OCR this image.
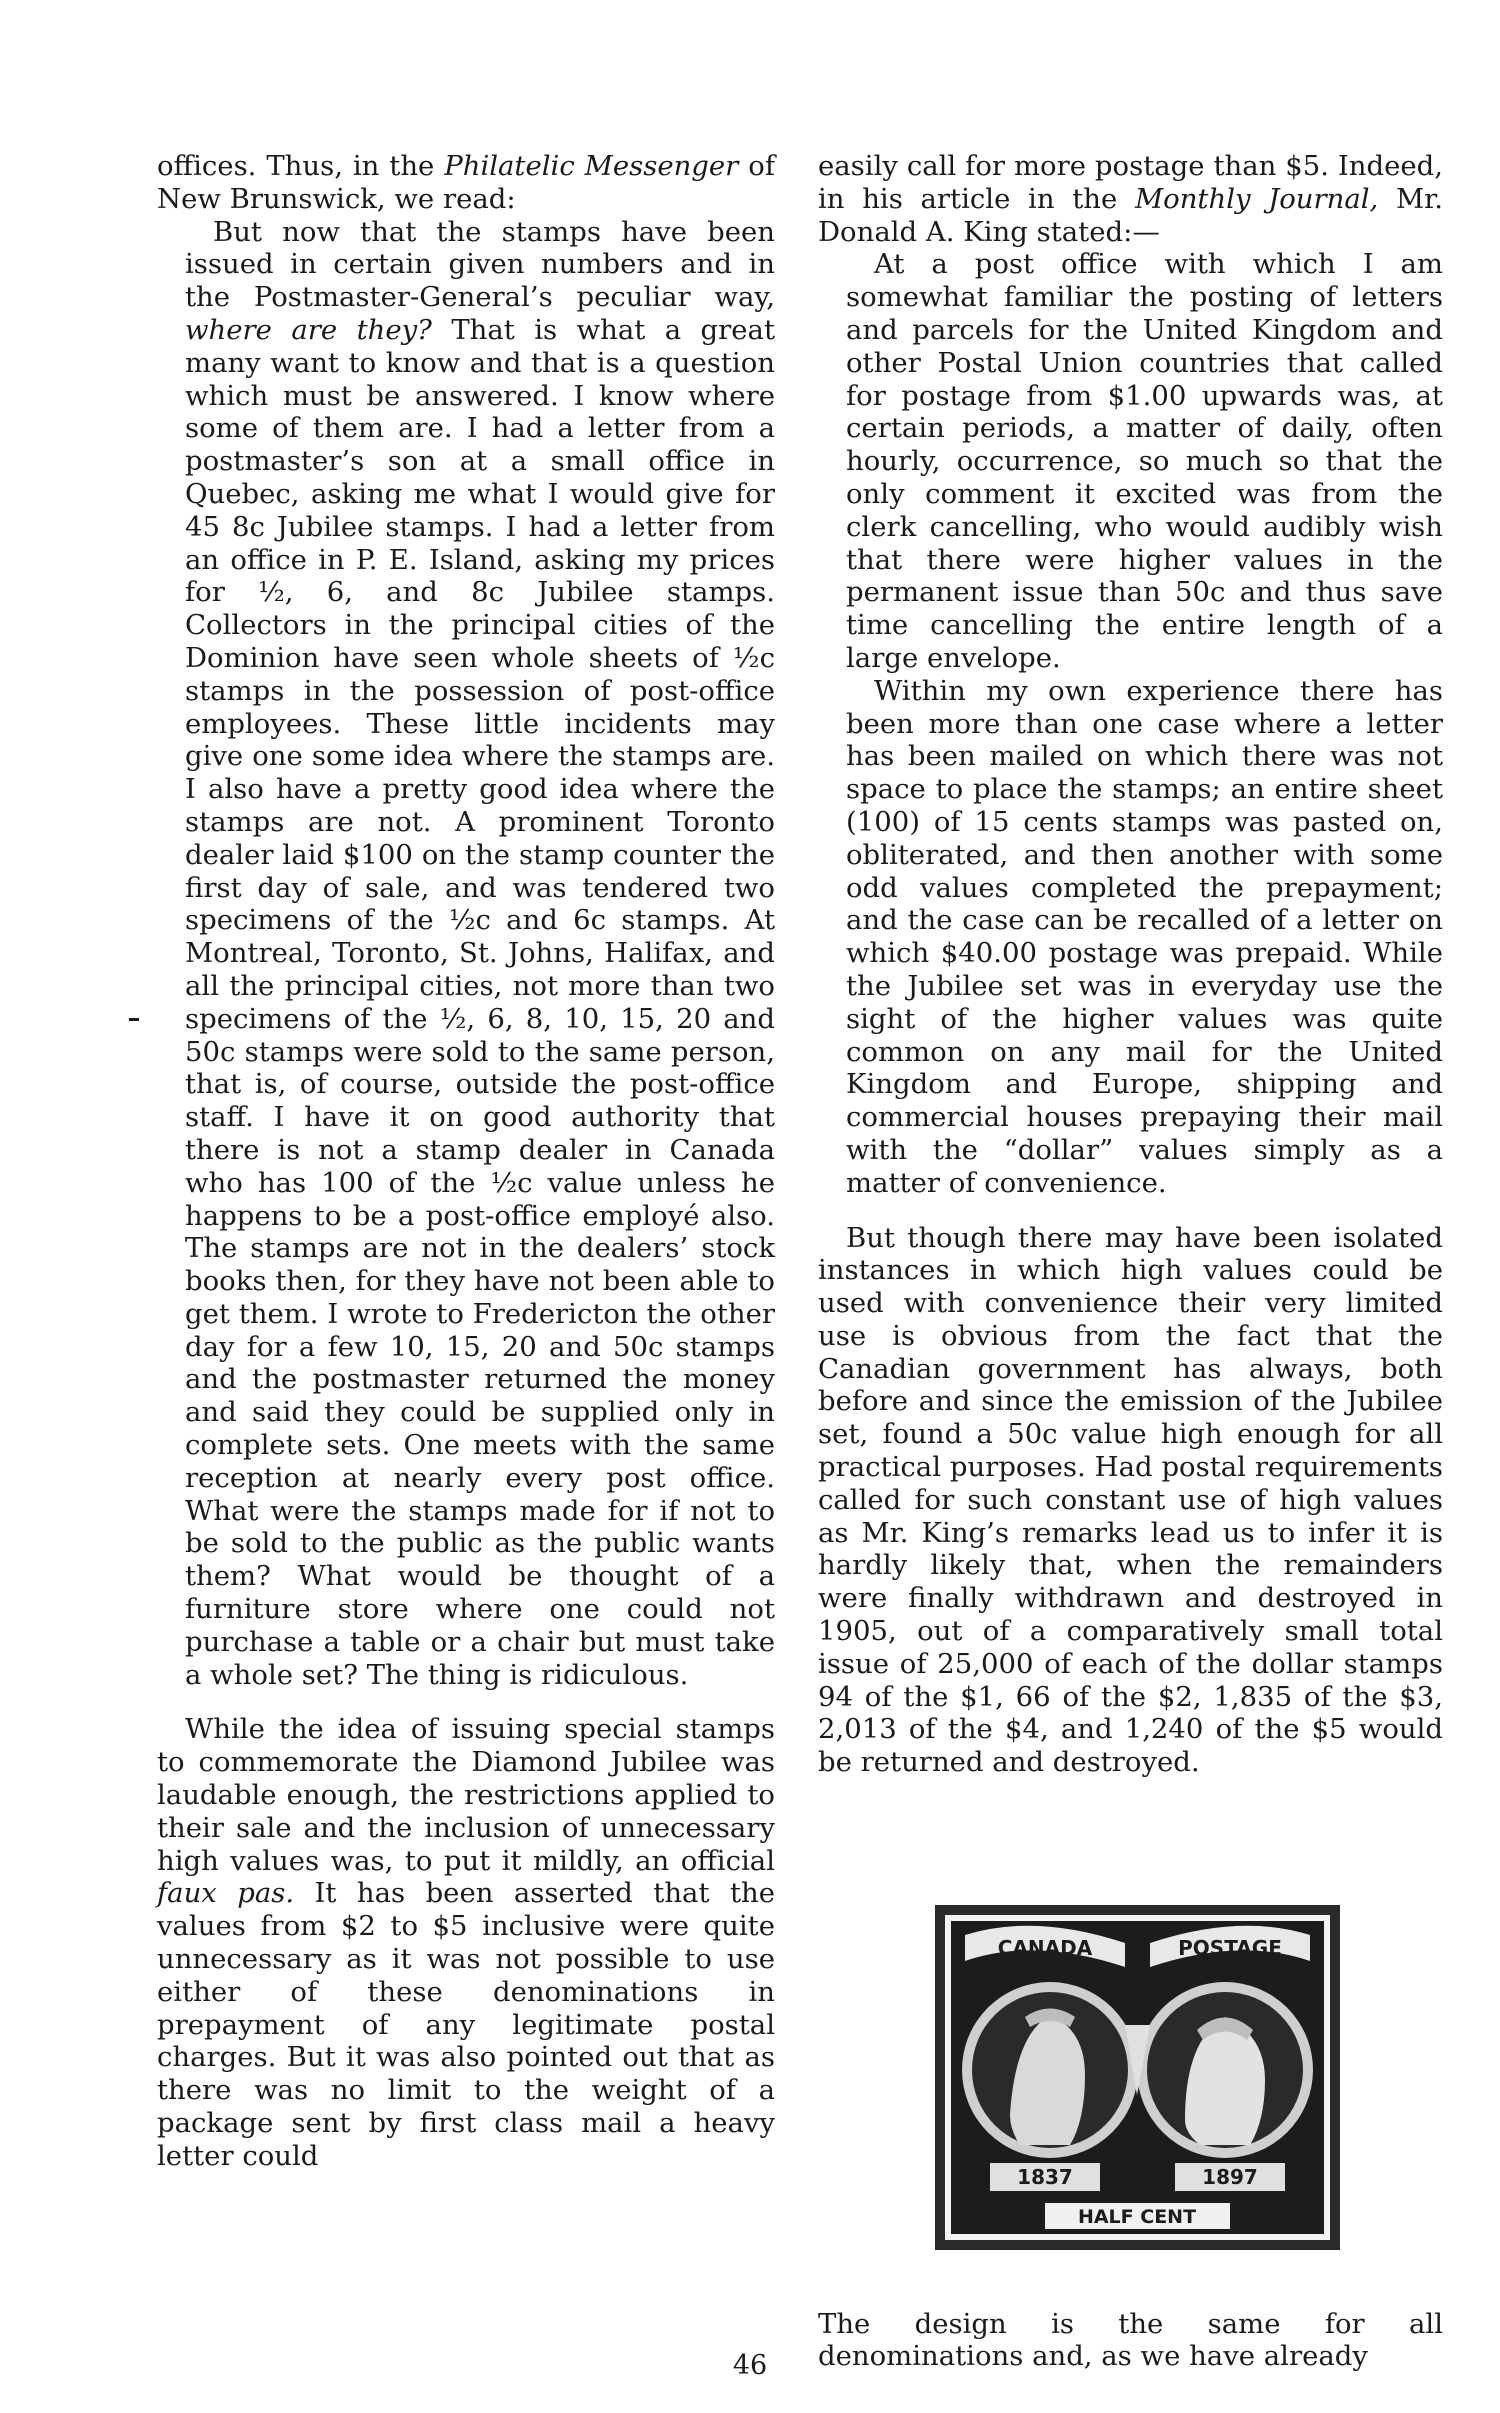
offices. Thus, in the Philatelic Messenger of New Brunswick, we read:

But now that the stamps have been issued in certain given numbers and in the Postmaster-General’s peculiar way, where are they? That is what a great many want to know and that is a question which must be answered. I know where some of them are. I had a letter from a postmaster’s son at a small office in Quebec, asking me what I would give for 45 8c Jubilee stamps. I had a letter from an office in P. E. Island, asking my prices for ½, 6, and 8c Jubilee stamps. Collectors in the principal cities of the Dominion have seen whole sheets of ½c stamps in the possession of post-office employees. These little incidents may give one some idea where the stamps are. I also have a pretty good idea where the stamps are not. A prominent Toronto dealer laid $100 on the stamp counter the first day of sale, and was tendered two specimens of the ½c and 6c stamps. At Montreal, Toronto, St. Johns, Halifax, and all the principal cities, not more than two specimens of the ½, 6, 8, 10, 15, 20 and 50c stamps were sold to the same person, that is, of course, outside the post-office staff. I have it on good authority that there is not a stamp dealer in Canada who has 100 of the ½c value unless he happens to be a post-office employé also. The stamps are not in the dealers’ stock books then, for they have not been able to get them. I wrote to Fredericton the other day for a few 10, 15, 20 and 50c stamps and the postmaster returned the money and said they could be supplied only in complete sets. One meets with the same reception at nearly every post office. What were the stamps made for if not to be sold to the public as the public wants them? What would be thought of a furniture store where one could not purchase a table or a chair but must take a whole set? The thing is ridiculous.

While the idea of issuing special stamps to commemorate the Diamond Jubilee was laudable enough, the restrictions applied to their sale and the inclusion of unnecessary high values was, to put it mildly, an official faux pas. It has been asserted that the values from $2 to $5 inclusive were quite unnecessary as it was not possible to use either of these denominations in prepayment of any legitimate postal charges. But it was also pointed out that as there was no limit to the weight of a package sent by first class mail a heavy letter could

easily call for more postage than $5. Indeed, in his article in the Monthly Journal, Mr. Donald A. King stated:—

At a post office with which I am somewhat familiar the posting of letters and parcels for the United Kingdom and other Postal Union countries that called for postage from $1.00 upwards was, at certain periods, a matter of daily, often hourly, occurrence, so much so that the only comment it excited was from the clerk cancelling, who would audibly wish that there were higher values in the permanent issue than 50c and thus save time cancelling the entire length of a large envelope.

Within my own experience there has been more than one case where a letter has been mailed on which there was not space to place the stamps; an entire sheet (100) of 15 cents stamps was pasted on, obliterated, and then another with some odd values completed the prepayment; and the case can be recalled of a letter on which $40.00 postage was prepaid. While the Jubilee set was in everyday use the sight of the higher values was quite common on any mail for the United Kingdom and Europe, shipping and commercial houses prepaying their mail with the “dollar” values simply as a matter of convenience.

But though there may have been isolated instances in which high values could be used with convenience their very limited use is obvious from the fact that the Canadian government has always, both before and since the emission of the Jubilee set, found a 50c value high enough for all practical purposes. Had postal requirements called for such constant use of high values as Mr. King’s remarks lead us to infer it is hardly likely that, when the remainders were finally withdrawn and destroyed in 1905, out of a comparatively small total issue of 25,000 of each of the dollar stamps 94 of the $1, 66 of the $2, 1,835 of the $3, 2,013 of the $4, and 1,240 of the $5 would be returned and destroyed.

CANADA	POSTAGE
1837	1897
HALF CENT

The design is the same for all denominations and, as we have already

46
